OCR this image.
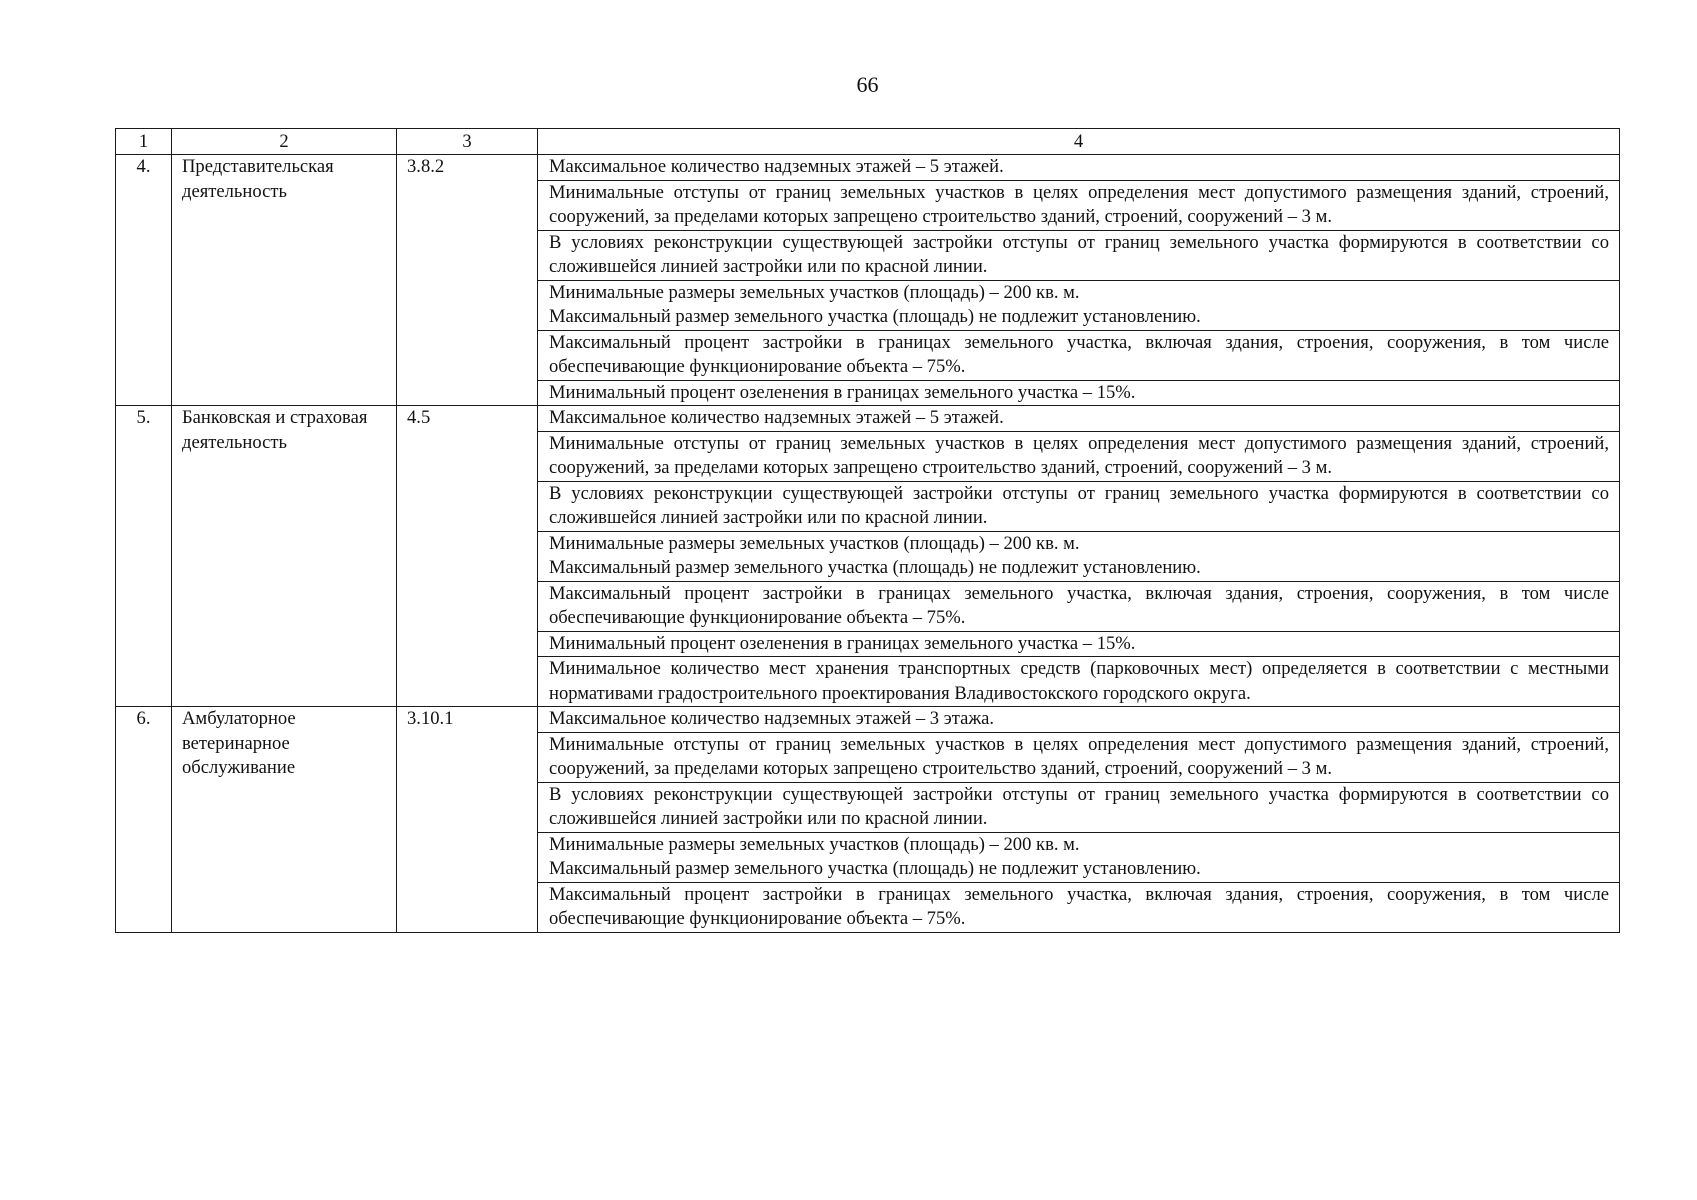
66
1	2	3	4
4.	Представительская деятельность	3.8.2	Максимальное количество надземных этажей – 5 этажей.

			Минимальные отступы от границ земельных участков в целях определения мест допустимого размещения зданий, строений, сооружений, за пределами которых запрещено строительство зданий, строений, сооружений – 3 м.

			В условиях реконструкции существующей застройки отступы от границ земельного участка формируются в соответствии со сложившейся линией застройки или по красной линии.

			Минимальные размеры земельных участков (площадь) – 200 кв. м.
Максимальный размер земельного участка (площадь) не подлежит установлению.

			Максимальный процент застройки в границах земельного участка, включая здания, строения, сооружения, в том числе обеспечивающие функционирование объекта – 75%.

			Минимальный процент озеленения в границах земельного участка – 15%.

5.	Банковская и страховая деятельность	4.5	Максимальное количество надземных этажей – 5 этажей.

			Минимальные отступы от границ земельных участков в целях определения мест допустимого размещения зданий, строений, сооружений, за пределами которых запрещено строительство зданий, строений, сооружений – 3 м.

			В условиях реконструкции существующей застройки отступы от границ земельного участка формируются в соответствии со сложившейся линией застройки или по красной линии.

			Минимальные размеры земельных участков (площадь) – 200 кв. м.
Максимальный размер земельного участка (площадь) не подлежит установлению.

			Максимальный процент застройки в границах земельного участка, включая здания, строения, сооружения, в том числе обеспечивающие функционирование объекта – 75%.

			Минимальный процент озеленения в границах земельного участка – 15%.

			Минимальное количество мест хранения транспортных средств (парковочных мест) определяется в соответствии с местными нормативами градостроительного проектирования Владивостокского городского округа.

6.	Амбулаторное ветеринарное обслуживание	3.10.1	Максимальное количество надземных этажей – 3 этажа.

			Минимальные отступы от границ земельных участков в целях определения мест допустимого размещения зданий, строений, сооружений, за пределами которых запрещено строительство зданий, строений, сооружений – 3 м.

			В условиях реконструкции существующей застройки отступы от границ земельного участка формируются в соответствии со сложившейся линией застройки или по красной линии.

			Минимальные размеры земельных участков (площадь) – 200 кв. м.
Максимальный размер земельного участка (площадь) не подлежит установлению.

			Максимальный процент застройки в границах земельного участка, включая здания, строения, сооружения, в том числе обеспечивающие функционирование объекта – 75%.
